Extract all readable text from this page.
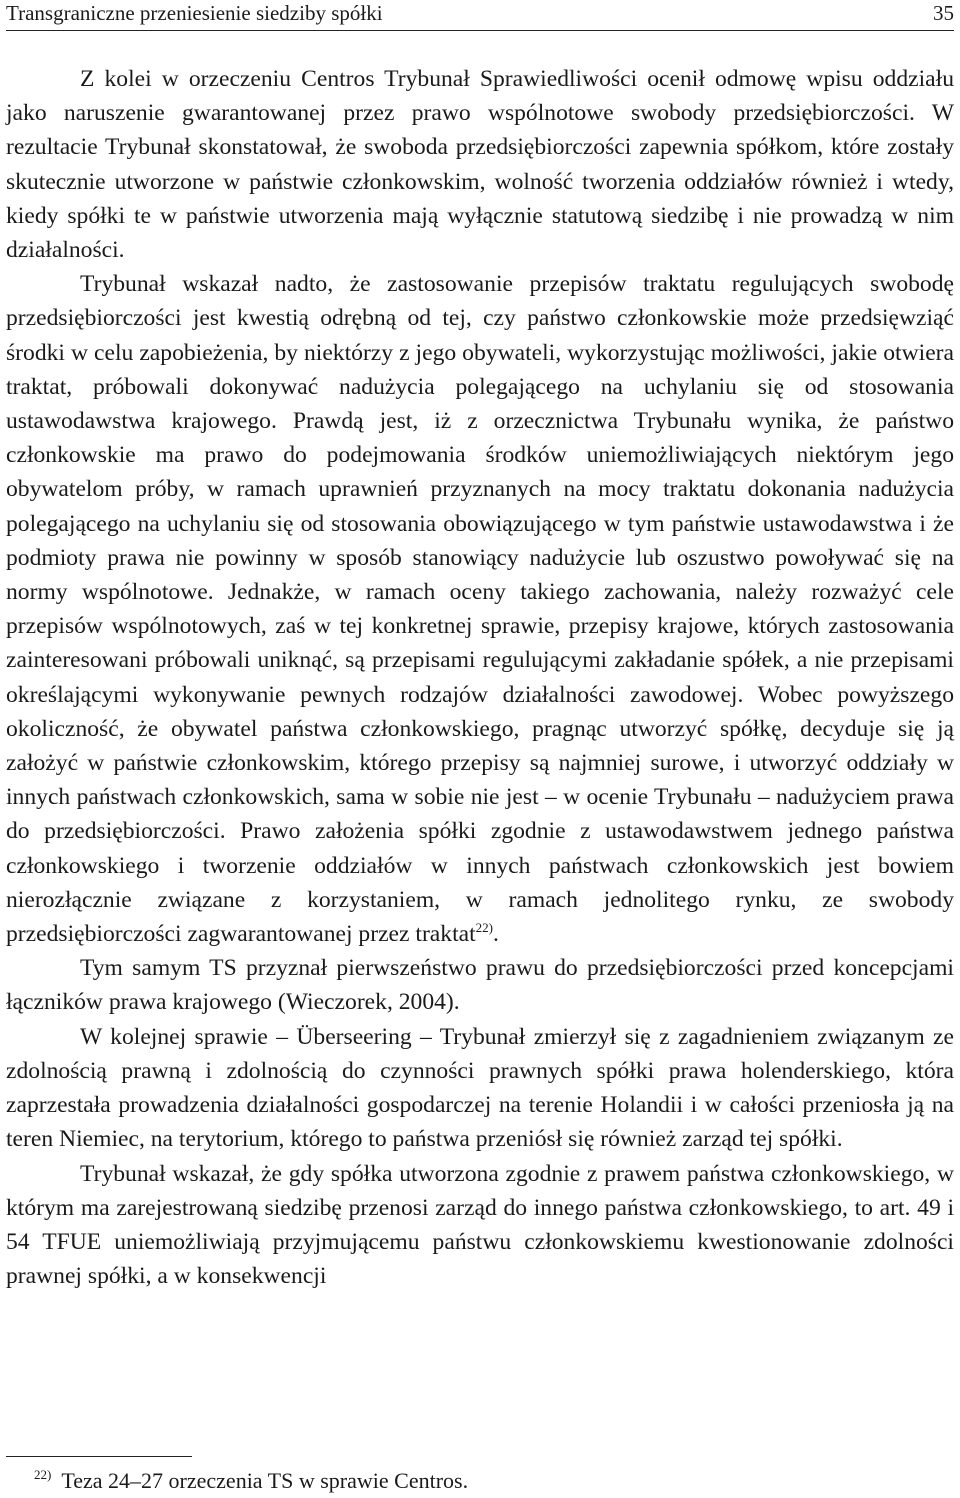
Transgraniczne przeniesienie siedziby spółki	35

Z kolei w orzeczeniu Centros Trybunał Sprawiedliwości ocenił odmowę wpisu oddziału jako naruszenie gwarantowanej przez prawo wspólnotowe swobody przedsiębiorczości. W rezultacie Trybunał skonstatował, że swoboda przedsiębiorczości zapewnia spółkom, które zostały skutecznie utworzone w państwie członkowskim, wolność tworzenia oddziałów również i wtedy, kiedy spółki te w państwie utworzenia mają wyłącznie statutową siedzibę i nie prowadzą w nim działalności.

Trybunał wskazał nadto, że zastosowanie przepisów traktatu regulujących swobodę przedsiębiorczości jest kwestią odrębną od tej, czy państwo członkowskie może przedsięwziąć środki w celu zapobieżenia, by niektórzy z jego obywateli, wykorzystując możliwości, jakie otwiera traktat, próbowali dokonywać nadużycia polegającego na uchylaniu się od stosowania ustawodawstwa krajowego. Prawdą jest, iż z orzecznictwa Trybunału wynika, że państwo członkowskie ma prawo do podejmowania środków uniemożliwiających niektórym jego obywatelom próby, w ramach uprawnień przyznanych na mocy traktatu dokonania nadużycia polegającego na uchylaniu się od stosowania obowiązującego w tym państwie ustawodawstwa i że podmioty prawa nie powinny w sposób stanowiący nadużycie lub oszustwo powoływać się na normy wspólnotowe. Jednakże, w ramach oceny takiego zachowania, należy rozważyć cele przepisów wspólnotowych, zaś w tej konkretnej sprawie, przepisy krajowe, których zastosowania zainteresowani próbowali uniknąć, są przepisami regulującymi zakładanie spółek, a nie przepisami określającymi wykonywanie pewnych rodzajów działalności zawodowej. Wobec powyższego okoliczność, że obywatel państwa członkowskiego, pragnąc utworzyć spółkę, decyduje się ją założyć w państwie członkowskim, którego przepisy są najmniej surowe, i utworzyć oddziały w innych państwach członkowskich, sama w sobie nie jest – w ocenie Trybunału – nadużyciem prawa do przedsiębiorczości. Prawo założenia spółki zgodnie z ustawodawstwem jednego państwa członkowskiego i tworzenie oddziałów w innych państwach członkowskich jest bowiem nierozłącznie związane z korzystaniem, w ramach jednolitego rynku, ze swobody przedsiębiorczości zagwarantowanej przez traktat$^{22)}$.

Tym samym TS przyznał pierwszeństwo prawu do przedsiębiorczości przed koncepcjami łączników prawa krajowego (Wieczorek, 2004).

W kolejnej sprawie – Überseering – Trybunał zmierzył się z zagadnieniem związanym ze zdolnością prawną i zdolnością do czynności prawnych spółki prawa holenderskiego, która zaprzestała prowadzenia działalności gospodarczej na terenie Holandii i w całości przeniosła ją na teren Niemiec, na terytorium, którego to państwa przeniósł się również zarząd tej spółki.

Trybunał wskazał, że gdy spółka utworzona zgodnie z prawem państwa członkowskiego, w którym ma zarejestrowaną siedzibę przenosi zarząd do innego państwa członkowskiego, to art. 49 i 54 TFUE uniemożliwiają przyjmującemu państwu członkowskiemu kwestionowanie zdolności prawnej spółki, a w konsekwencji

$^{22)}$ Teza 24–27 orzeczenia TS w sprawie Centros.
